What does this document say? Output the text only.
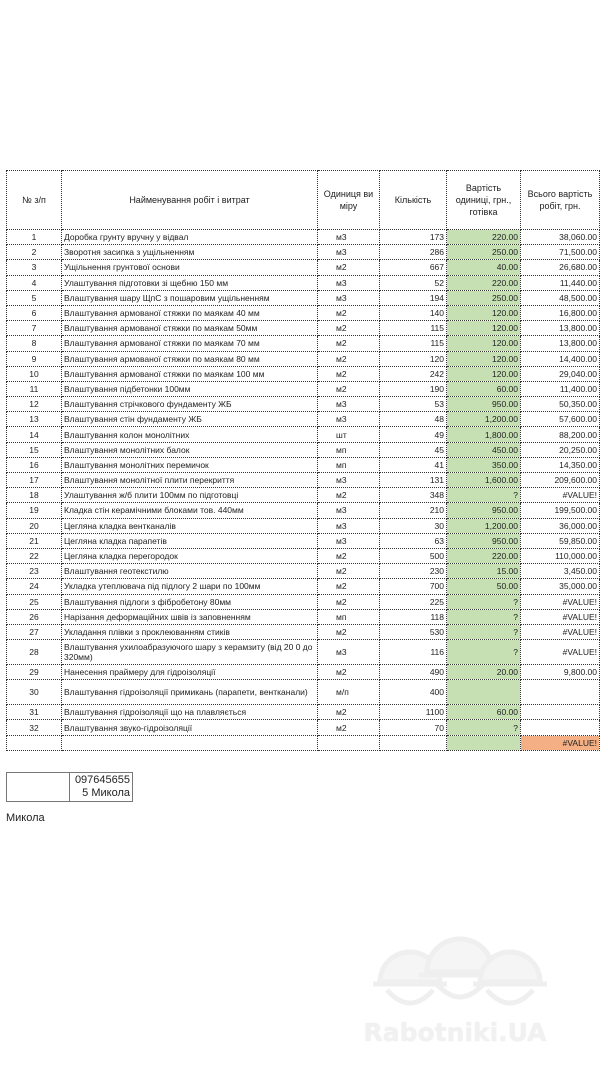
№ з/п	Найменування робіт і витрат	Одиниця ви міру	Кількість	Вартість одиниці, грн., готівка	Всього вартість робіт, грн.
1	Доробка грунту вручну у відвал	м3	173	220.00	38,060.00
2	Зворотня засипка з ущільненням	м3	286	250.00	71,500.00
3	Ущільнення грунтової основи	м2	667	40.00	26,680.00
4	Улаштування підготовки зі щебню 150 мм	м3	52	220.00	11,440.00
5	Влаштування шару ЩпС з пошаровим ущільненням	м3	194	250.00	48,500.00
6	Влаштування армованої стяжки по маякам 40 мм	м2	140	120.00	16,800.00
7	Влаштування армованої стяжки по маякам 50мм	м2	115	120.00	13,800.00
8	Влаштування армованої стяжки по маякам 70 мм	м2	115	120.00	13,800.00
9	Влаштування армованої стяжки по маякам 80 мм	м2	120	120.00	14,400.00
10	Влаштування армованої стяжки по маякам 100 мм	м2	242	120.00	29,040.00
11	Влаштування підбетонки 100мм	м2	190	60.00	11,400.00
12	Влаштування стрічкового фундаменту ЖБ	м3	53	950.00	50,350.00
13	Влаштування стін фундаменту ЖБ	м3	48	1,200.00	57,600.00
14	Влаштування колон монолітних	шт	49	1,800.00	88,200.00
15	Влаштування монолітних балок	мп	45	450.00	20,250.00
16	Влаштування монолітних перемичок	мп	41	350.00	14,350.00
17	Влаштування монолітної плити перекриття	м3	131	1,600.00	209,600.00
18	Улаштування ж/б плити 100мм по підготовці	м2	348	?	#VALUE!
19	Кладка стін керамічними блоками тов. 440мм	м3	210	950.00	199,500.00
20	Цегляна кладка вентканалів	м3	30	1,200.00	36,000.00
21	Цегляна кладка парапетів	м3	63	950.00	59,850.00
22	Цегляна кладка перегородок	м2	500	220.00	110,000.00
23	Влаштування геотекстилю	м2	230	15.00	3,450.00
24	Укладка утеплювача під підлогу 2 шари по 100мм	м2	700	50.00	35,000.00
25	Влаштування підлоги з фібробетону 80мм	м2	225	?	#VALUE!
26	Нарізання деформаційних швів із заповненням	мп	118	?	#VALUE!
27	Укладання плівки з проклеюванням стиків	м2	530	?	#VALUE!
28	Влаштування ухилоабразуючого шару з керамзиту (від 20 0 до 320мм)	м3	116	?	#VALUE!
29	Нанесення праймеру для гідроізоляції	м2	490	20.00	9,800.00
30	Влаштування гідроізоляції примикань (парапети, вентканали)	м/п	400		
31	Влаштування гідроізоляції що на плавляється	м2	1100	60.00	
32	Влаштування звуко-гідроізоляції	м2	70	?	
					#VALUE!
	0976456555 Микола
Микола
Rabotniki.UA
